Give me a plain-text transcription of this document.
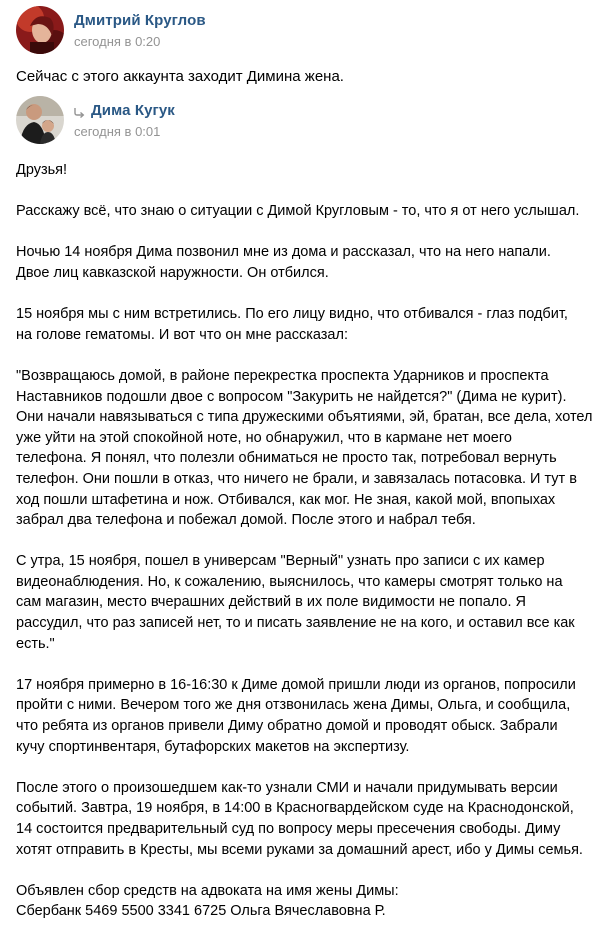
Дмитрий Круглов
сегодня в 0:20
Сейчас с этого аккаунта заходит Димина жена.
Дима Кугук
сегодня в 0:01

Друзья!

Расскажу всё, что знаю о ситуации с Димой Кругловым - то, что я от него услышал.

Ночью 14 ноября Дима позвонил мне из дома и рассказал, что на него напали.
Двое лиц кавказской наружности. Он отбился.

15 ноября мы с ним встретились. По его лицу видно, что отбивался - глаз подбит,
на голове гематомы. И вот что он мне рассказал:

"Возвращаюсь домой, в районе перекрестка проспекта Ударников и проспекта
Наставников подошли двое с вопросом "Закурить не найдется?" (Дима не курит).
Они начали навязываться с типа дружескими объятиями, эй, братан, все дела, хотел
уже уйти на этой спокойной ноте, но обнаружил, что в кармане нет моего
телефона. Я понял, что полезли обниматься не просто так, потребовал вернуть
телефон. Они пошли в отказ, что ничего не брали, и завязалась потасовка. И тут в
ход пошли штафетина и нож. Отбивался, как мог. Не зная, какой мой, впопыхах
забрал два телефона и побежал домой. После этого и набрал тебя.

С утра, 15 ноября, пошел в универсам "Верный" узнать про записи с их камер
видеонаблюдения. Но, к сожалению, выяснилось, что камеры смотрят только на
сам магазин, место вчерашних действий в их поле видимости не попало. Я
рассудил, что раз записей нет, то и писать заявление не на кого, и оставил все как
есть."

17 ноября примерно в 16-16:30 к Диме домой пришли люди из органов, попросили
пройти с ними. Вечером того же дня отзвонилась жена Димы, Ольга, и сообщила,
что ребята из органов привели Диму обратно домой и проводят обыск. Забрали
кучу спортинвентаря, бутафорских макетов на экспертизу.

После этого о произошедшем как-то узнали СМИ и начали придумывать версии
событий. Завтра, 19 ноября, в 14:00 в Красногвардейском суде на Краснодонской,
14 состоится предварительный суд по вопросу меры пресечения свободы. Диму
хотят отправить в Кресты, мы всеми руками за домашний арест, ибо у Димы семья.

Объявлен сбор средств на адвоката на имя жены Димы:
Сбербанк 5469 5500 3341 6725 Ольга Вячеславовна Р.
